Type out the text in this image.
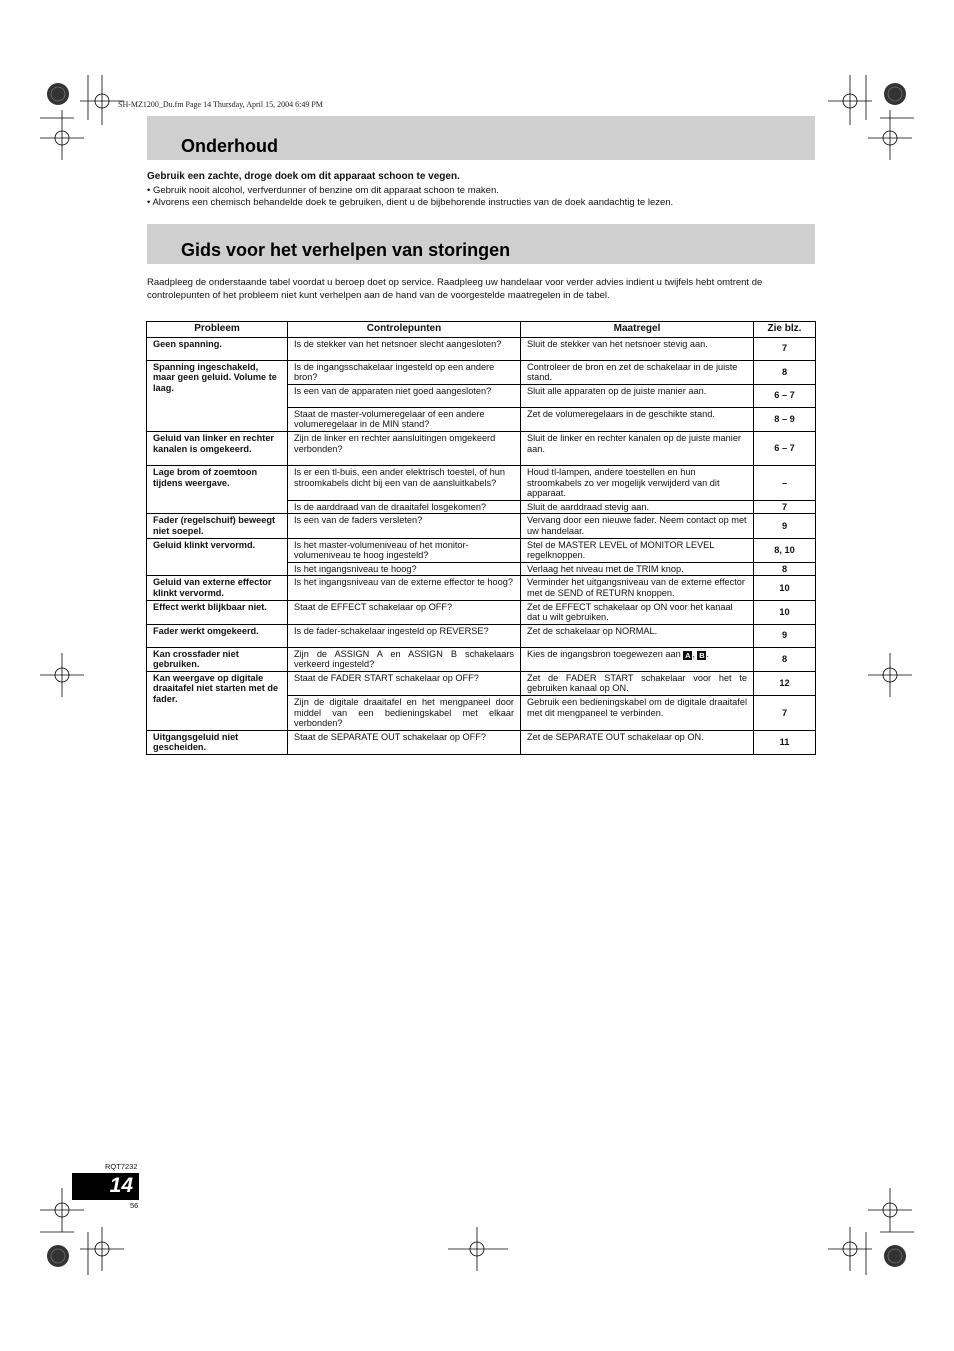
SH-MZ1200_Du.fm Page 14 Thursday, April 15, 2004 6:49 PM
Onderhoud
Gebruik een zachte, droge doek om dit apparaat schoon te vegen.
• Gebruik nooit alcohol, verfverdunner of benzine om dit apparaat schoon te maken.
• Alvorens een chemisch behandelde doek te gebruiken, dient u de bijbehorende instructies van de doek aandachtig te lezen.
Gids voor het verhelpen van storingen
Raadpleeg de onderstaande tabel voordat u beroep doet op service. Raadpleeg uw handelaar voor verder advies indient u twijfels hebt omtrent de controlepunten of het probleem niet kunt verhelpen aan de hand van de voorgestelde maatregelen in de tabel.
Probleem	Controlepunten	Maatregel	Zie blz.
Geen spanning.	Is de stekker van het netsnoer slecht aangesloten?	Sluit de stekker van het netsnoer stevig aan.	7
Spanning ingeschakeld, maar geen geluid. Volume te laag.	Is de ingangsschakelaar ingesteld op een andere bron?	Controleer de bron en zet de schakelaar in de juiste stand.	8
	Is een van de apparaten niet goed aangesloten?	Sluit alle apparaten op de juiste manier aan.	6 – 7
	Staat de master-volumeregelaar of een andere volumeregelaar in de MIN stand?	Zet de volumeregelaars in de geschikte stand.	8 – 9
Geluid van linker en rechter kanalen is omgekeerd.	Zijn de linker en rechter aansluitingen omgekeerd verbonden?	Sluit de linker en rechter kanalen op de juiste manier aan.	6 – 7
Lage brom of zoemtoon tijdens weergave.	Is er een tl-buis, een ander elektrisch toestel, of hun stroomkabels dicht bij een van de aansluitkabels?	Houd tl-lampen, andere toestellen en hun stroomkabels zo ver mogelijk verwijderd van dit apparaat.	–
	Is de aarddraad van de draaitafel losgekomen?	Sluit de aarddraad stevig aan.	7
Fader (regelschuif) beweegt niet soepel.	Is een van de faders versleten?	Vervang door een nieuwe fader. Neem contact op met uw handelaar.	9
Geluid klinkt vervormd.	Is het master-volumeniveau of het monitor-volumeniveau te hoog ingesteld?	Stel de MASTER LEVEL of MONITOR LEVEL regelknoppen.	8, 10
	Is het ingangsniveau te hoog?	Verlaag het niveau met de TRIM knop.	8
Geluid van externe effector klinkt vervormd.	Is het ingangsniveau van de externe effector te hoog?	Verminder het uitgangsniveau van de externe effector met de SEND of RETURN knoppen.	10
Effect werkt blijkbaar niet.	Staat de EFFECT schakelaar op OFF?	Zet de EFFECT schakelaar op ON voor het kanaal dat u wilt gebruiken.	10
Fader werkt omgekeerd.	Is de fader-schakelaar ingesteld op REVERSE?	Zet de schakelaar op NORMAL.	9
Kan crossfader niet gebruiken.	Zijn de ASSIGN A en ASSIGN B schakelaars verkeerd ingesteld?	Kies de ingangsbron toegewezen aan A , B .	8
Kan weergave op digitale draaitafel niet starten met de fader.	Staat de FADER START schakelaar op OFF?	Zet de FADER START schakelaar voor het te gebruiken kanaal op ON.	12
	Zijn de digitale draaitafel en het mengpaneel door middel van een bedieningskabel met elkaar verbonden?	Gebruik een bedieningskabel om de digitale draaitafel met dit mengpaneel te verbinden.	7
Uitgangsgeluid niet gescheiden.	Staat de SEPARATE OUT schakelaar op OFF?	Zet de SEPARATE OUT schakelaar op ON.	11
RQT7232
14
56
